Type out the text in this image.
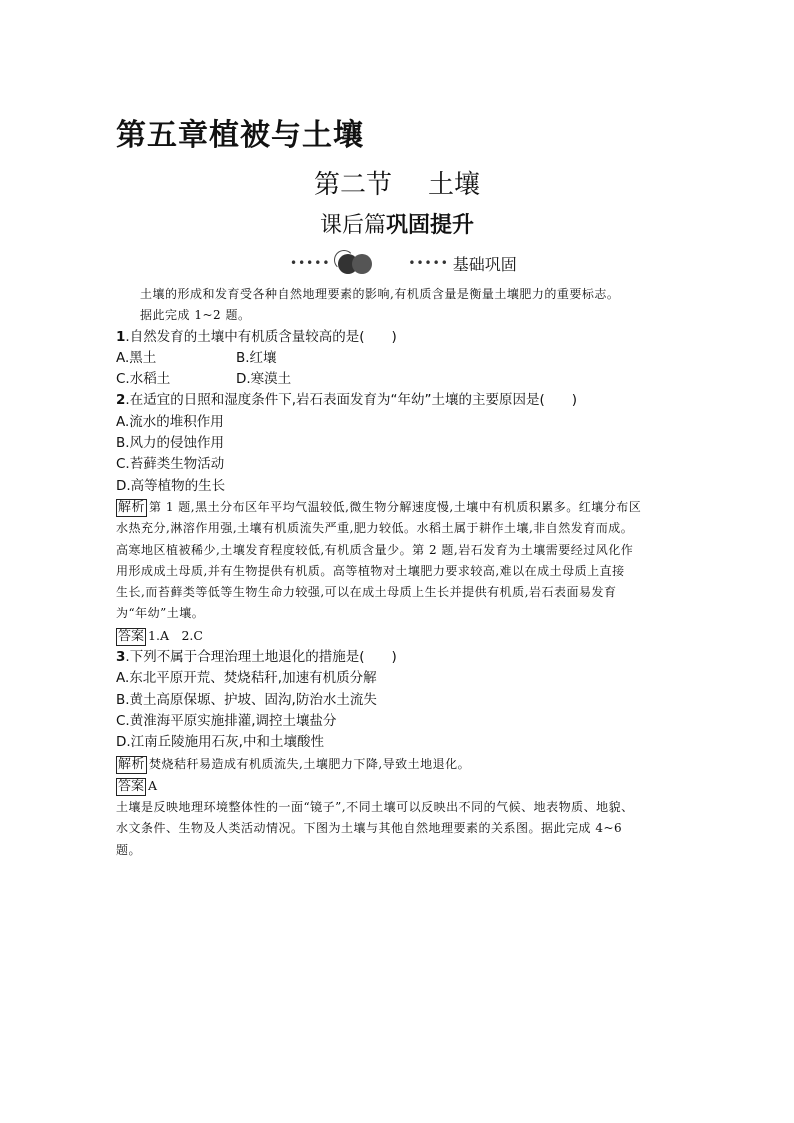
第五章植被与土壤
第二节 土壤
课后篇巩固提升
•••••	••••• 基础巩固
土壤的形成和发育受各种自然地理要素的影响,有机质含量是衡量土壤肥力的重要标志。
据此完成 1~2 题。
1.自然发育的土壤中有机质含量较高的是(　　)
A.黑土	B.红壤
C.水稻土	D.寒漠土
2.在适宜的日照和湿度条件下,岩石表面发育为“年幼”土壤的主要原因是(　　)
A.流水的堆积作用
B.风力的侵蚀作用
C.苔藓类生物活动
D.高等植物的生长
解析 第 1 题,黑土分布区年平均气温较低,微生物分解速度慢,土壤中有机质积累多。红壤分布区
水热充分,淋溶作用强,土壤有机质流失严重,肥力较低。水稻土属于耕作土壤,非自然发育而成。
高寒地区植被稀少,土壤发育程度较低,有机质含量少。第 2 题,岩石发育为土壤需要经过风化作
用形成成土母质,并有生物提供有机质。高等植物对土壤肥力要求较高,难以在成土母质上直接
生长,而苔藓类等低等生物生命力较强,可以在成土母质上生长并提供有机质,岩石表面易发育
为“年幼”土壤。
答案 1.A　2.C
3.下列不属于合理治理土地退化的措施是(　　)
A.东北平原开荒、焚烧秸秆,加速有机质分解
B.黄土高原保塬、护坡、固沟,防治水土流失
C.黄淮海平原实施排灌,调控土壤盐分
D.江南丘陵施用石灰,中和土壤酸性
解析 焚烧秸秆易造成有机质流失,土壤肥力下降,导致土地退化。
答案 A
土壤是反映地理环境整体性的一面“镜子”,不同土壤可以反映出不同的气候、地表物质、地貌、
水文条件、生物及人类活动情况。下图为土壤与其他自然地理要素的关系图。据此完成 4~6
题。
